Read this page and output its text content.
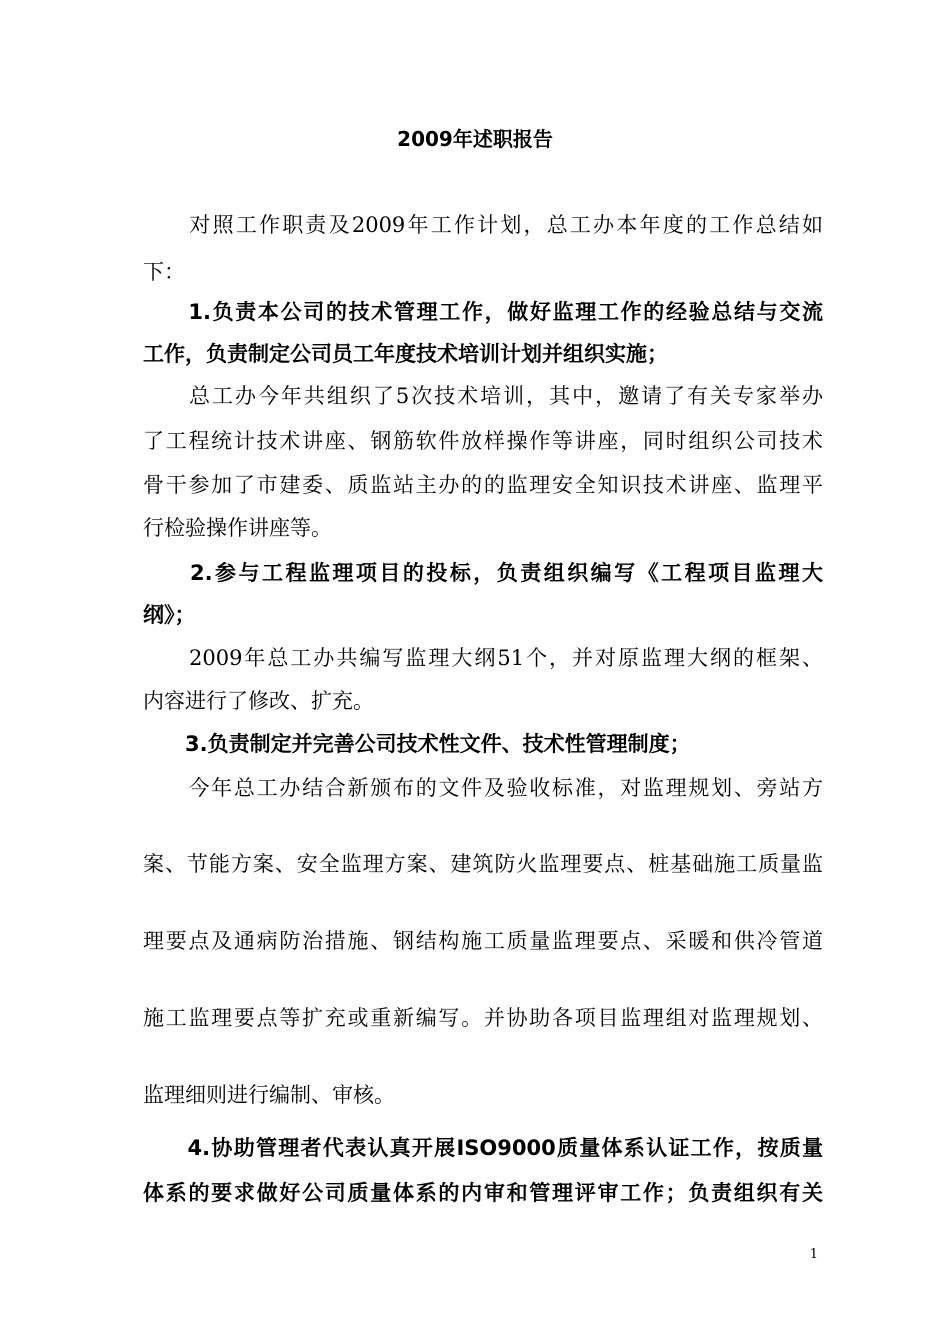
2009年述职报告
　　对照工作职责及2009年工作计划，总工办本年度的工作总结如
下：
　　1.负责本公司的技术管理工作，做好监理工作的经验总结与交流
工作，负责制定公司员工年度技术培训计划并组织实施；
　　总工办今年共组织了5次技术培训，其中，邀请了有关专家举办
了工程统计技术讲座、钢筋软件放样操作等讲座，同时组织公司技术
骨干参加了市建委、质监站主办的的监理安全知识技术讲座、监理平
行检验操作讲座等。
　　2.参与工程监理项目的投标，负责组织编写《工程项目监理大
纲》；
　　2009年总工办共编写监理大纲51个，并对原监理大纲的框架、
内容进行了修改、扩充。
　　3.负责制定并完善公司技术性文件、技术性管理制度；
　　今年总工办结合新颁布的文件及验收标准，对监理规划、旁站方
案、节能方案、安全监理方案、建筑防火监理要点、桩基础施工质量监
理要点及通病防治措施、钢结构施工质量监理要点、采暖和供冷管道
施工监理要点等扩充或重新编写。并协助各项目监理组对监理规划、
监理细则进行编制、审核。
　　4.协助管理者代表认真开展ISO9000质量体系认证工作，按质量
体系的要求做好公司质量体系的内审和管理评审工作；负责组织有关
1
